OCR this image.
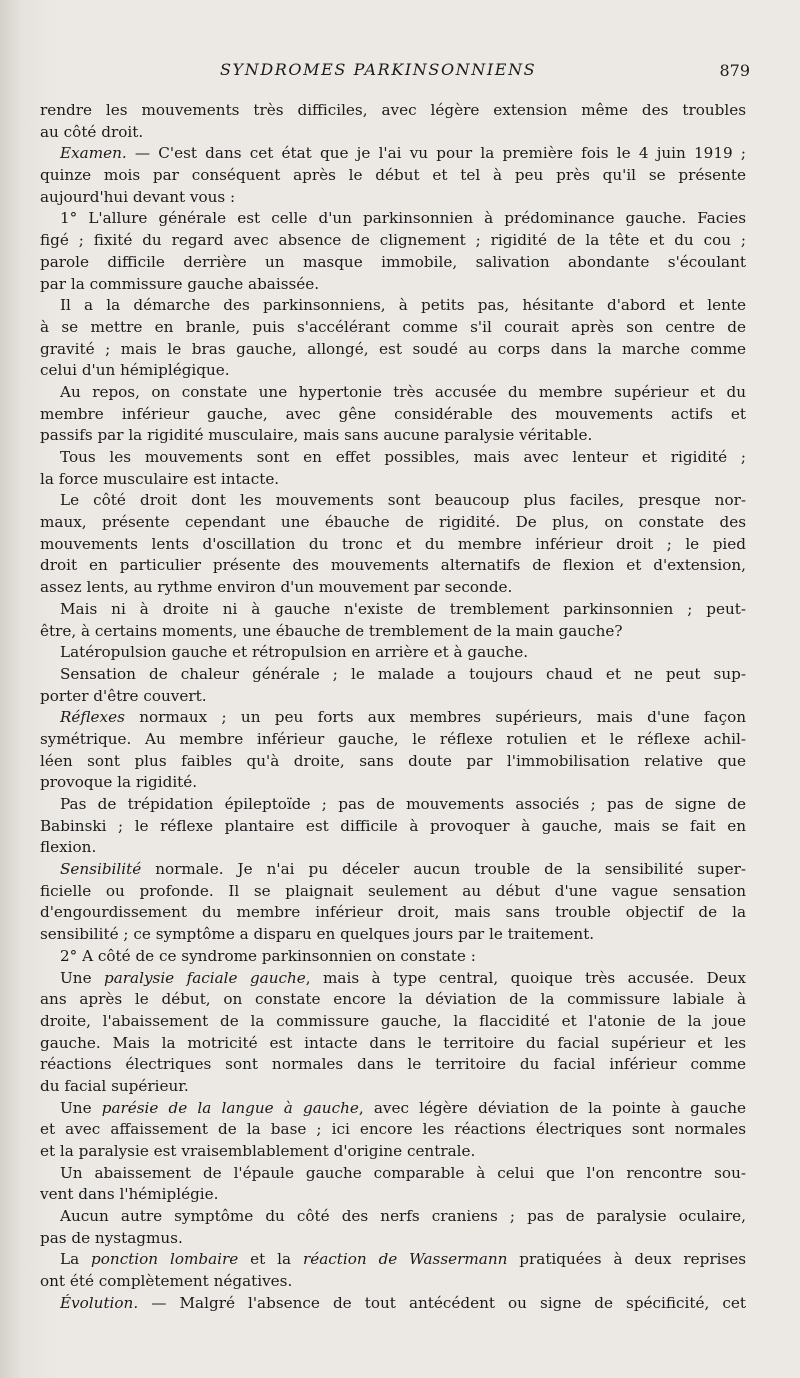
SYNDROMES PARKINSONNIENS	879
rendre les mouvements très difficiles, avec légère extension même des troubles
au côté droit.
Examen. — C'est dans cet état que je l'ai vu pour la première fois le 4 juin 1919 ;
quinze mois par conséquent après le début et tel à peu près qu'il se présente
aujourd'hui devant vous :
1° L'allure générale est celle d'un parkinsonnien à prédominance gauche. Facies
figé ; fixité du regard avec absence de clignement ; rigidité de la tête et du cou ;
parole difficile derrière un masque immobile, salivation abondante s'écoulant
par la commissure gauche abaissée.
Il a la démarche des parkinsonniens, à petits pas, hésitante d'abord et lente
à se mettre en branle, puis s'accélérant comme s'il courait après son centre de
gravité ; mais le bras gauche, allongé, est soudé au corps dans la marche comme
celui d'un hémiplégique.
Au repos, on constate une hypertonie très accusée du membre supérieur et du
membre inférieur gauche, avec gêne considérable des mouvements actifs et
passifs par la rigidité musculaire, mais sans aucune paralysie véritable.
Tous les mouvements sont en effet possibles, mais avec lenteur et rigidité ;
la force musculaire est intacte.
Le côté droit dont les mouvements sont beaucoup plus faciles, presque nor-
maux, présente cependant une ébauche de rigidité. De plus, on constate des
mouvements lents d'oscillation du tronc et du membre inférieur droit ; le pied
droit en particulier présente des mouvements alternatifs de flexion et d'extension,
assez lents, au rythme environ d'un mouvement par seconde.
Mais ni à droite ni à gauche n'existe de tremblement parkinsonnien ; peut-
être, à certains moments, une ébauche de tremblement de la main gauche?
Latéropulsion gauche et rétropulsion en arrière et à gauche.
Sensation de chaleur générale ; le malade a toujours chaud et ne peut sup-
porter d'être couvert.
Réflexes normaux ; un peu forts aux membres supérieurs, mais d'une façon
symétrique. Au membre inférieur gauche, le réflexe rotulien et le réflexe achil-
léen sont plus faibles qu'à droite, sans doute par l'immobilisation relative que
provoque la rigidité.
Pas de trépidation épileptoïde ; pas de mouvements associés ; pas de signe de
Babinski ; le réflexe plantaire est difficile à provoquer à gauche, mais se fait en
flexion.
Sensibilité normale. Je n'ai pu déceler aucun trouble de la sensibilité super-
ficielle ou profonde. Il se plaignait seulement au début d'une vague sensation
d'engourdissement du membre inférieur droit, mais sans trouble objectif de la
sensibilité ; ce symptôme a disparu en quelques jours par le traitement.
2° A côté de ce syndrome parkinsonnien on constate :
Une paralysie faciale gauche, mais à type central, quoique très accusée. Deux
ans après le début, on constate encore la déviation de la commissure labiale à
droite, l'abaissement de la commissure gauche, la flaccidité et l'atonie de la joue
gauche. Mais la motricité est intacte dans le territoire du facial supérieur et les
réactions électriques sont normales dans le territoire du facial inférieur comme
du facial supérieur.
Une parésie de la langue à gauche, avec légère déviation de la pointe à gauche
et avec affaissement de la base ; ici encore les réactions électriques sont normales
et la paralysie est vraisemblablement d'origine centrale.
Un abaissement de l'épaule gauche comparable à celui que l'on rencontre sou-
vent dans l'hémiplégie.
Aucun autre symptôme du côté des nerfs craniens ; pas de paralysie oculaire,
pas de nystagmus.
La ponction lombaire et la réaction de Wassermann pratiquées à deux reprises
ont été complètement négatives.
Évolution. — Malgré l'absence de tout antécédent ou signe de spécificité, cet
